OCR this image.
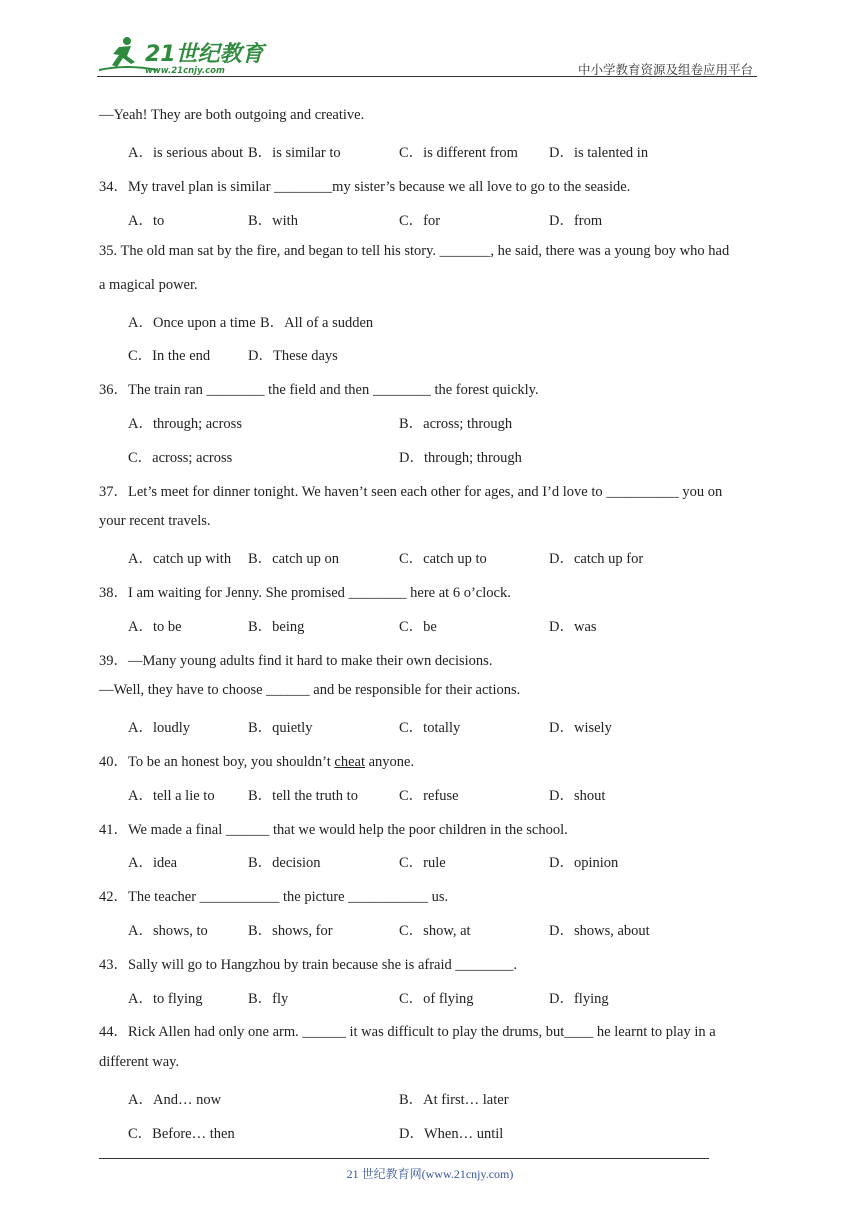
21世纪教育
www.21cnjy.com	中小学教育资源及组卷应用平台
—Yeah! They are both outgoing and creative.
A．is serious about B．is similar to	C．is different from D．is talented in
34．My travel plan is similar ________my sister’s because we all love to go to the seaside.
A．to	B．with	C．for	D．from
35. The old man sat by the fire, and began to tell his story. _______, he said, there was a young boy who had
a magical power.
A．Once upon a time B．All of a sudden
C．In the end	D．These days
36．The train ran ________ the field and then ________ the forest quickly.
A．through; across	B．across; through
C．across; across	D．through; through
37．Let’s meet for dinner tonight. We haven’t seen each other for ages, and I’d love to __________ you on
your recent travels.
A．catch up with B．catch up on	C．catch up to	D．catch up for
38．I am waiting for Jenny. She promised ________ here at 6 o’clock.
A．to be	B．being	C．be	D．was
39．—Many young adults find it hard to make their own decisions.
—Well, they have to choose ______ and be responsible for their actions.
A．loudly	B．quietly	C．totally	D．wisely
40．To be an honest boy, you shouldn’t cheat anyone.
A．tell a lie to B．tell the truth to	C．refuse	D．shout
41．We made a final ______ that we would help the poor children in the school.
A．idea	B．decision	C．rule	D．opinion
42．The teacher ___________ the picture ___________ us.
A．shows, to	B．shows, for	C．show, at	D．shows, about
43．Sally will go to Hangzhou by train because she is afraid ________.
A．to flying	B．fly	C．of flying	D．flying
44．Rick Allen had only one arm. ______ it was difficult to play the drums, but____ he learnt to play in a
different way.
A．And… now	B．At first… later
C．Before… then	D．When… until
21 世纪教育网(www.21cnjy.com)
